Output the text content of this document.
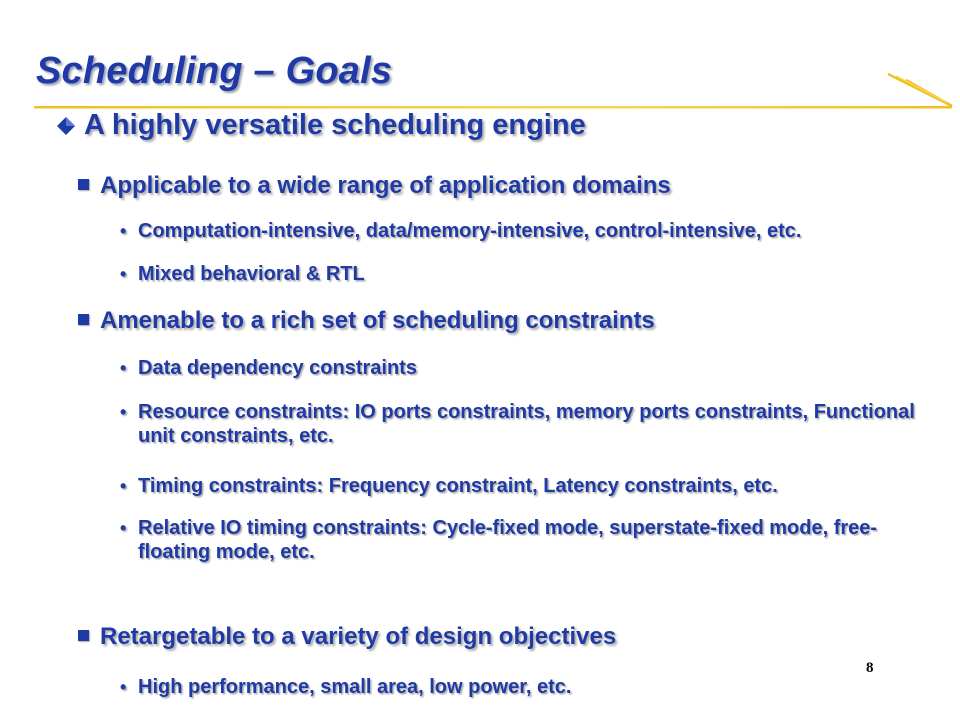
Scheduling – Goals
A highly versatile scheduling engine
Applicable to a wide range of application domains
• Computation-intensive, data/memory-intensive, control-intensive, etc.
• Mixed behavioral & RTL
Amenable to a rich set of scheduling constraints
• Data dependency constraints
• Resource constraints: IO ports constraints, memory ports constraints, Functional unit constraints, etc.
• Timing constraints: Frequency constraint, Latency constraints, etc.
• Relative IO timing constraints: Cycle-fixed mode, superstate-fixed mode, free-floating mode, etc.
Retargetable to a variety of design objectives
• High performance, small area, low power, etc.
8
